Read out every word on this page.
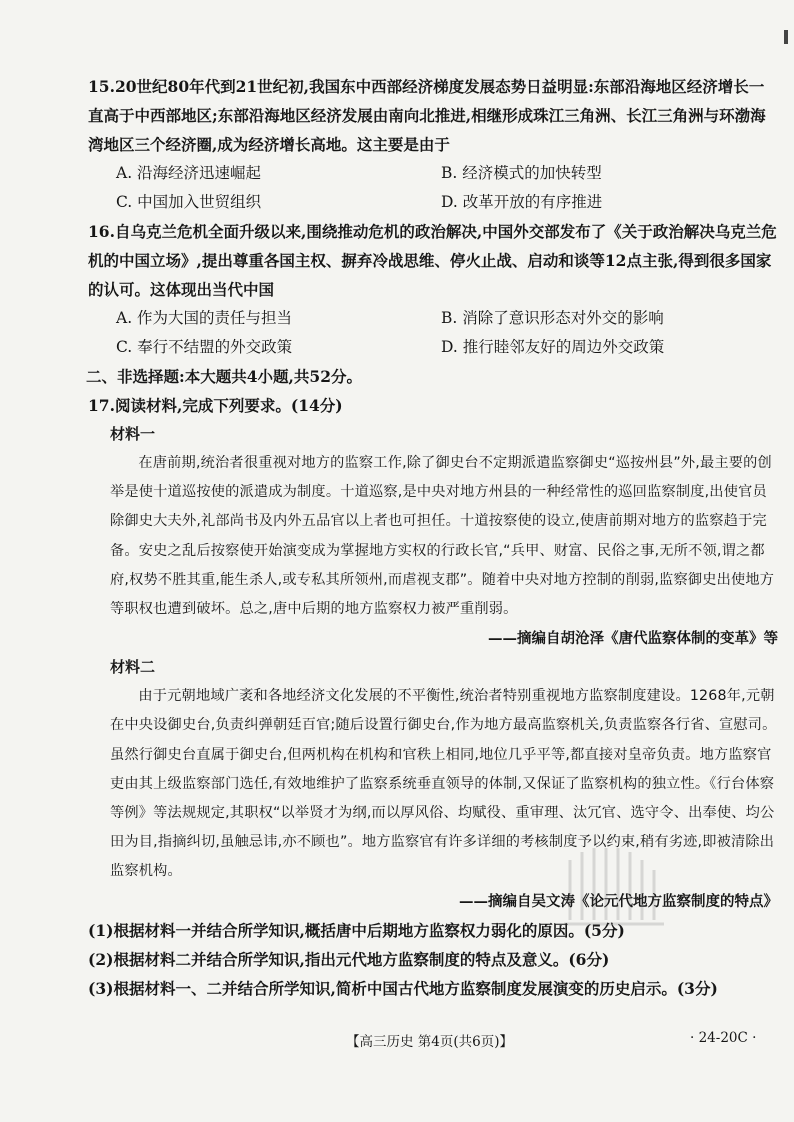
15.20世纪80年代到21世纪初,我国东中西部经济梯度发展态势日益明显:东部沿海地区经济增长一直高于中西部地区;东部沿海地区经济发展由南向北推进,相继形成珠江三角洲、长江三角洲与环渤海湾地区三个经济圈,成为经济增长高地。这主要是由于

A. 沿海经济迅速崛起	B. 经济模式的加快转型
C. 中国加入世贸组织	D. 改革开放的有序推进

16.自乌克兰危机全面升级以来,围绕推动危机的政治解决,中国外交部发布了《关于政治解决乌克兰危机的中国立场》,提出尊重各国主权、摒弃冷战思维、停火止战、启动和谈等12点主张,得到很多国家的认可。这体现出当代中国

A. 作为大国的责任与担当	B. 消除了意识形态对外交的影响
C. 奉行不结盟的外交政策	D. 推行睦邻友好的周边外交政策
二、非选择题:本大题共4小题,共52分。
17.阅读材料,完成下列要求。(14分)
材料一

在唐前期,统治者很重视对地方的监察工作,除了御史台不定期派遣监察御史“巡按州县”外,最主要的创举是使十道巡按使的派遣成为制度。十道巡察,是中央对地方州县的一种经常性的巡回监察制度,出使官员除御史大夫外,礼部尚书及内外五品官以上者也可担任。十道按察使的设立,使唐前期对地方的监察趋于完备。安史之乱后按察使开始演变成为掌握地方实权的行政长官,“兵甲、财富、民俗之事,无所不领,谓之都府,权势不胜其重,能生杀人,或专私其所领州,而虐视支郡”。随着中央对地方控制的削弱,监察御史出使地方等职权也遭到破坏。总之,唐中后期的地方监察权力被严重削弱。

——摘编自胡沧泽《唐代监察体制的变革》等
材料二

由于元朝地域广袤和各地经济文化发展的不平衡性,统治者特别重视地方监察制度建设。1268年,元朝在中央设御史台,负责纠弹朝廷百官;随后设置行御史台,作为地方最高监察机关,负责监察各行省、宣慰司。虽然行御史台直属于御史台,但两机构在机构和官秩上相同,地位几乎平等,都直接对皇帝负责。地方监察官吏由其上级监察部门选任,有效地维护了监察系统垂直领导的体制,又保证了监察机构的独立性。《行台体察等例》等法规规定,其职权“以举贤才为纲,而以厚风俗、均赋役、重审理、汰冗官、选守令、出奉使、均公田为目,指摘纠切,虽触忌讳,亦不顾也”。地方监察官有许多详细的考核制度予以约束,稍有劣迹,即被清除出监察机构。

——摘编自吴文涛《论元代地方监察制度的特点》
(1)根据材料一并结合所学知识,概括唐中后期地方监察权力弱化的原因。(5分)
(2)根据材料二并结合所学知识,指出元代地方监察制度的特点及意义。(6分)
(3)根据材料一、二并结合所学知识,简析中国古代地方监察制度发展演变的历史启示。(3分)
【高三历史 第4页(共6页)】	· 24-20C ·
